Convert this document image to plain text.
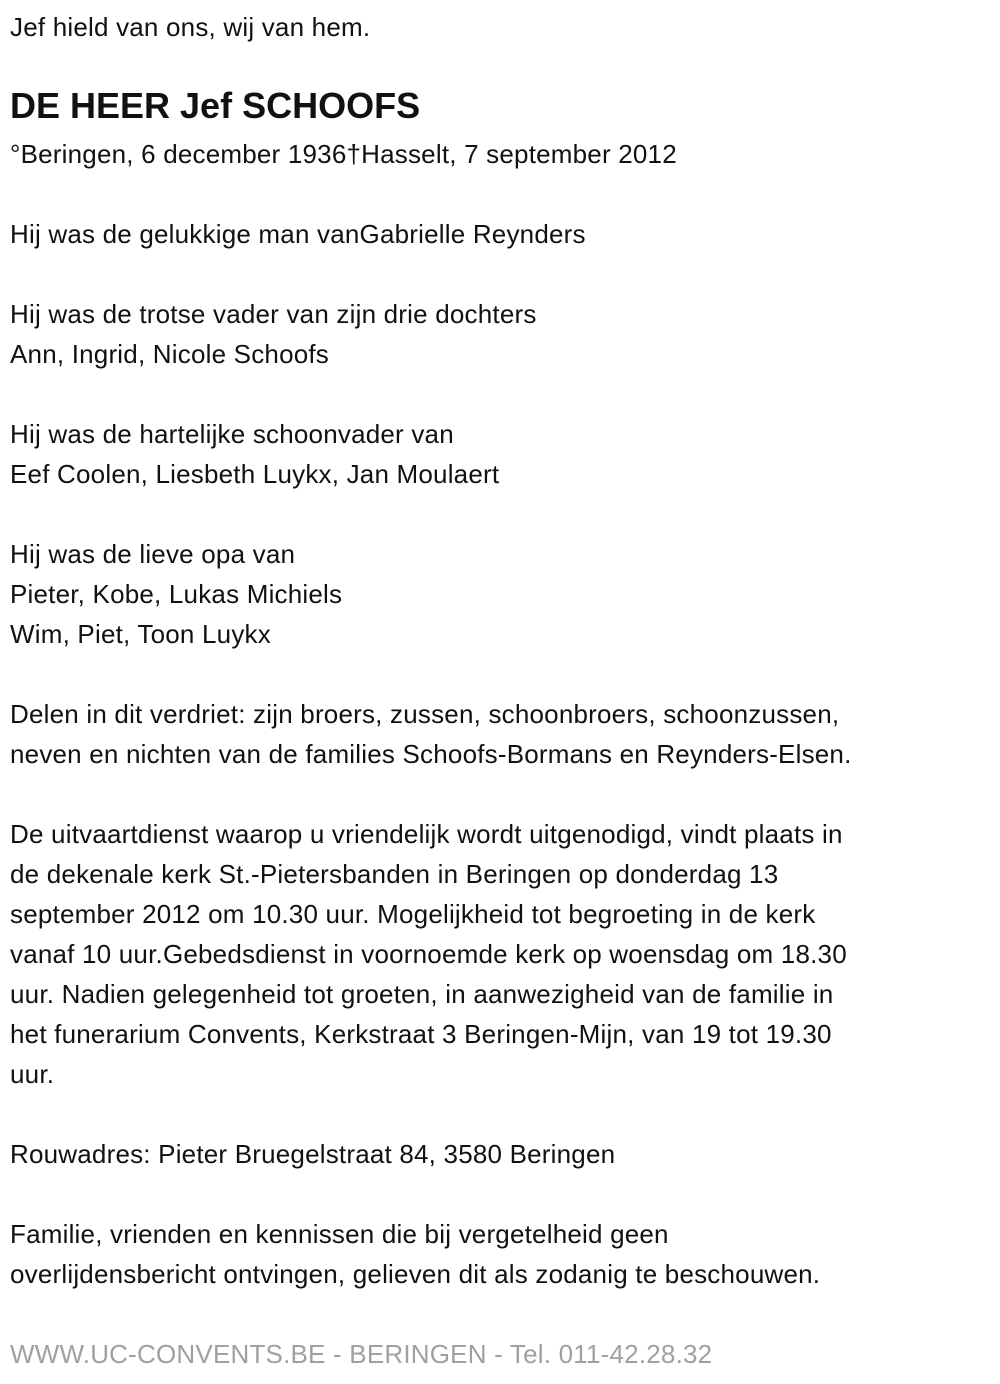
Jef hield van ons, wij van hem.
DE HEER Jef SCHOOFS
°Beringen, 6 december 1936†Hasselt, 7 september 2012
Hij was de gelukkige man vanGabrielle Reynders
Hij was de trotse vader van zijn drie dochters
Ann, Ingrid, Nicole Schoofs
Hij was de hartelijke schoonvader van
Eef Coolen, Liesbeth Luykx, Jan Moulaert
Hij was de lieve opa van
Pieter, Kobe, Lukas Michiels
Wim, Piet, Toon Luykx
Delen in dit verdriet: zijn broers, zussen, schoonbroers, schoonzussen,
neven en nichten van de families Schoofs-Bormans en Reynders-Elsen.
De uitvaartdienst waarop u vriendelijk wordt uitgenodigd, vindt plaats in
de dekenale kerk St.-Pietersbanden in Beringen op donderdag 13
september 2012 om 10.30 uur. Mogelijkheid tot begroeting in de kerk
vanaf 10 uur.Gebedsdienst in voornoemde kerk op woensdag om 18.30
uur. Nadien gelegenheid tot groeten, in aanwezigheid van de familie in
het funerarium Convents, Kerkstraat 3 Beringen-Mijn, van 19 tot 19.30
uur.
Rouwadres: Pieter Bruegelstraat 84, 3580 Beringen
Familie, vrienden en kennissen die bij vergetelheid geen
overlijdensbericht ontvingen, gelieven dit als zodanig te beschouwen.
WWW.UC-CONVENTS.BE - BERINGEN - Tel. 011-42.28.32
